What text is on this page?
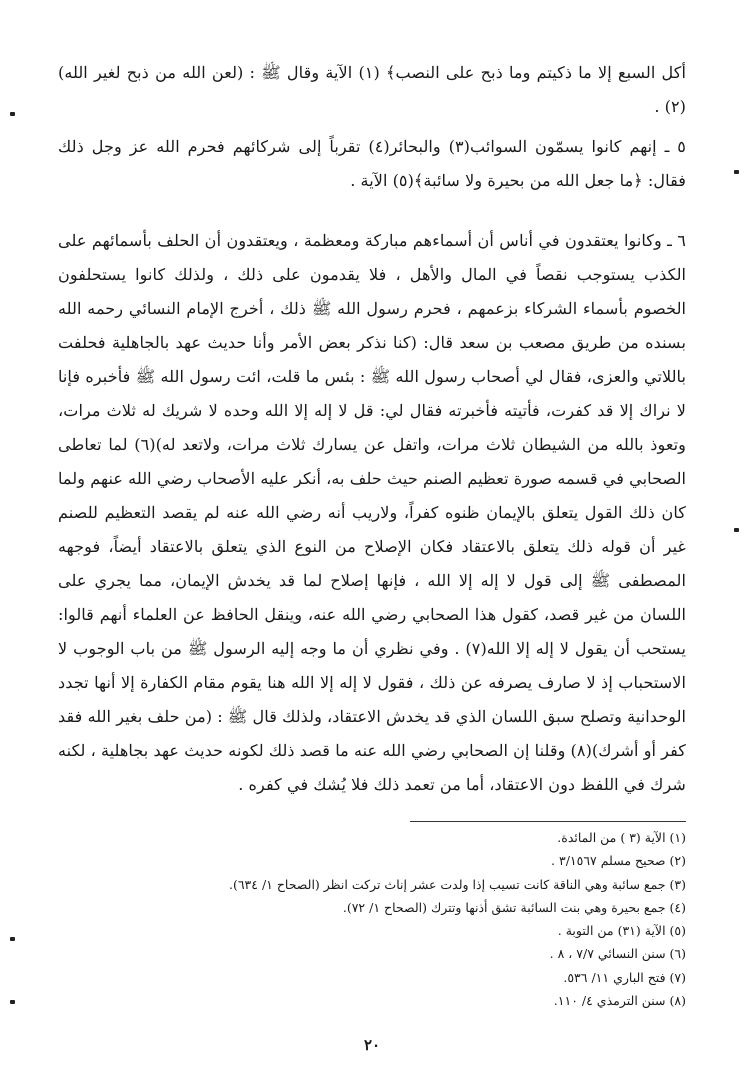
أكل السبع إلا ما ذكيتم وما ذبح على النصب﴾ (١) الآية وقال ﷺ : (لعن الله من ذبح لغير الله)(٢) .

٥ ـ إنهم كانوا يسمّون السوائب(٣) والبحائر(٤) تقرباً إلى شركائهم فحرم الله عز وجل ذلك فقال: ﴿ما جعل الله من بحيرة ولا سائبة﴾(٥) الآية .

٦ ـ وكانوا يعتقدون في أناس أن أسماءهم مباركة ومعظمة ، ويعتقدون أن الحلف بأسمائهم على الكذب يستوجب نقصاً في المال والأهل ، فلا يقدمون على ذلك ، ولذلك كانوا يستحلفون الخصوم بأسماء الشركاء بزعمهم ، فحرم رسول الله ﷺ ذلك ، أخرج الإمام النسائي رحمه الله بسنده من طريق مصعب بن سعد قال: (كنا نذكر بعض الأمر وأنا حديث عهد بالجاهلية فحلفت باللاتي والعزى، فقال لي أصحاب رسول الله ﷺ : بئس ما قلت، ائت رسول الله ﷺ فأخبره فإنا لا نراك إلا قد كفرت، فأتيته فأخبرته فقال لي: قل لا إله إلا الله وحده لا شريك له ثلاث مرات، وتعوذ بالله من الشيطان ثلاث مرات، واتفل عن يسارك ثلاث مرات، ولاتعد له)(٦) لما تعاطى الصحابي في قسمه صورة تعظيم الصنم حيث حلف به، أنكر عليه الأصحاب رضي الله عنهم ولما كان ذلك القول يتعلق بالإيمان ظنوه كفراً، ولاريب أنه رضي الله عنه لم يقصد التعظيم للصنم غير أن قوله ذلك يتعلق بالاعتقاد فكان الإصلاح من النوع الذي يتعلق بالاعتقاد أيضاً، فوجهه المصطفى ﷺ إلى قول لا إله إلا الله ، فإنها إصلاح لما قد يخدش الإيمان، مما يجري على اللسان من غير قصد، كقول هذا الصحابي رضي الله عنه، وينقل الحافظ عن العلماء أنهم قالوا: يستحب أن يقول لا إله إلا الله(٧) . وفي نظري أن ما وجه إليه الرسول ﷺ من باب الوجوب لا الاستحباب إذ لا صارف يصرفه عن ذلك ، فقول لا إله إلا الله هنا يقوم مقام الكفارة إلا أنها تجدد الوحدانية وتصلح سبق اللسان الذي قد يخدش الاعتقاد، ولذلك قال ﷺ : (من حلف بغير الله فقد كفر أو أشرك)(٨) وقلنا إن الصحابي رضي الله عنه ما قصد ذلك لكونه حديث عهد بجاهلية ، لكنه شرك في اللفظ دون الاعتقاد، أما من تعمد ذلك فلا يُشك في كفره .

(١) الآية (٣ ) من المائدة.

(٢) صحيح مسلم ٣/١٥٦٧ .

(٣) جمع سائبة وهي الناقة كانت تسيب إذا ولدت عشر إناث تركت انظر (الصحاح ١/ ٦٣٤).

(٤) جمع بحيرة وهي بنت السائبة تشق أذنها وتترك (الصحاح ١/ ٧٢).

(٥) الآية (٣١) من التوبة .

(٦) سنن النسائي ٧/٧ ، ٨ .

(٧) فتح الباري ١١/ ٥٣٦.

(٨) سنن الترمذي ٤/ ١١٠.

٢٠
